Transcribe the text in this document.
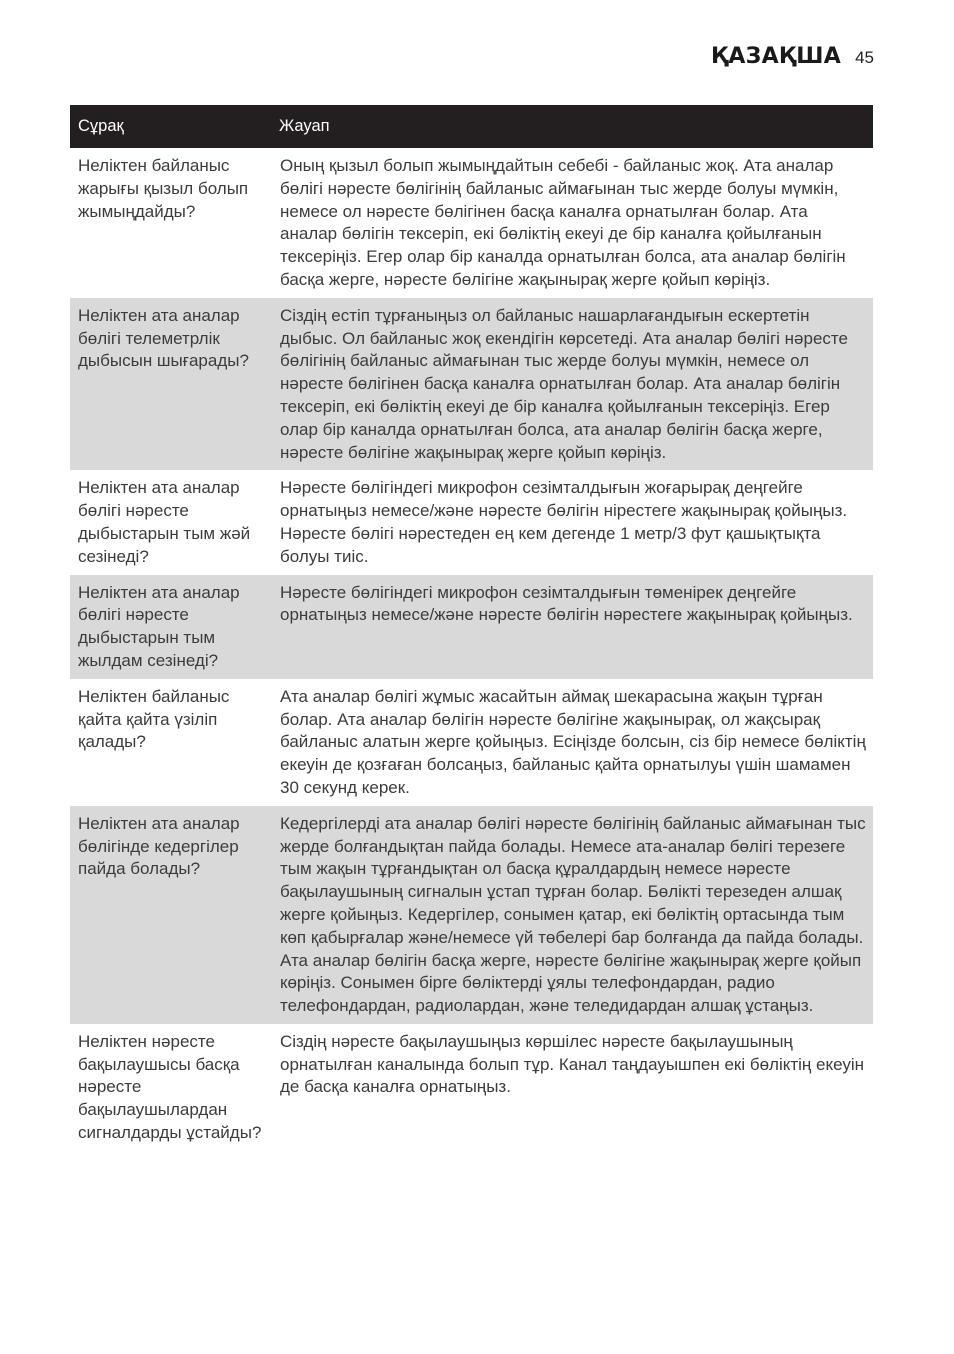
ҚАЗАҚША 45
Сұрақ	Жауап
Неліктен байланыс жарығы қызыл болып жымыңдайды?	Оның қызыл болып жымыңдайтын себебі - байланыс жоқ. Ата аналар бөлігі нәресте бөлігінің байланыс аймағынан тыс жерде болуы мүмкін, немесе ол нәресте бөлігінен басқа каналға орнатылған болар. Ата аналар бөлігін тексеріп, екі бөліктің екеуі де бір каналға қойылғанын тексеріңіз. Егер олар бір каналда орнатылған болса, ата аналар бөлігін басқа жерге, нәресте бөлігіне жақынырақ жерге қойып көріңіз.
Неліктен ата аналар бөлігі телеметрлік дыбысын шығарады?	Сіздің естіп тұрғаныңыз ол байланыс нашарлағандығын ескертетін дыбыс. Ол байланыс жоқ екендігін көрсетеді. Ата аналар бөлігі нәресте бөлігінің байланыс аймағынан тыс жерде болуы мүмкін, немесе ол нәресте бөлігінен басқа каналға орнатылған болар. Ата аналар бөлігін тексеріп, екі бөліктің екеуі де бір каналға қойылғанын тексеріңіз. Егер олар бір каналда орнатылған болса, ата аналар бөлігін басқа жерге, нәресте бөлігіне жақынырақ жерге қойып көріңіз.
Неліктен ата аналар бөлігі нәресте дыбыстарын тым жәй сезінеді?	Нәресте бөлігіндегі микрофон сезімталдығын жоғарырақ деңгейге орнатыңыз немесе/және нәресте бөлігін нірестеге жақынырақ қойыңыз. Нәресте бөлігі нәрестеден ең кем дегенде 1 метр/3 фут қашықтықта болуы тиіс.
Неліктен ата аналар бөлігі нәресте дыбыстарын тым жылдам сезінеді?	Нәресте бөлігіндегі микрофон сезімталдығын төменірек деңгейге орнатыңыз немесе/және нәресте бөлігін нәрестеге жақынырақ қойыңыз.
Неліктен байланыс қайта қайта үзіліп қалады?	Ата аналар бөлігі жұмыс жасайтын аймақ шекарасына жақын тұрған болар. Ата аналар бөлігін нәресте бөлігіне жақынырақ, ол жақсырақ байланыс алатын жерге қойыңыз. Есіңізде болсын, сіз бір немесе бөліктің екеуін де қозғаған болсаңыз, байланыс қайта орнатылуы үшін шамамен 30 секунд керек.
Неліктен ата аналар бөлігінде кедергілер пайда болады?	Кедергілерді ата аналар бөлігі нәресте бөлігінің байланыс аймағынан тыс жерде болғандықтан пайда болады. Немесе ата-аналар бөлігі терезеге тым жақын тұрғандықтан ол басқа құралдардың немесе нәресте бақылаушының сигналын ұстап тұрған болар. Бөлікті терезеден алшақ жерге қойыңыз. Кедергілер, сонымен қатар, екі бөліктің ортасында тым көп қабырғалар және/немесе үй төбелері бар болғанда да пайда болады. Ата аналар бөлігін басқа жерге, нәресте бөлігіне жақынырақ жерге қойып көріңіз. Сонымен бірге бөліктерді ұялы телефондардан, радио телефондардан, радиолардан, және теледидардан алшақ ұстаңыз.
Неліктен нәресте бақылаушысы басқа нәресте бақылаушылардан сигналдарды ұстайды?	Сіздің нәресте бақылаушыңыз көршілес нәресте бақылаушының орнатылған каналында болып тұр. Канал таңдауышпен екі бөліктің екеуін де басқа каналға орнатыңыз.
